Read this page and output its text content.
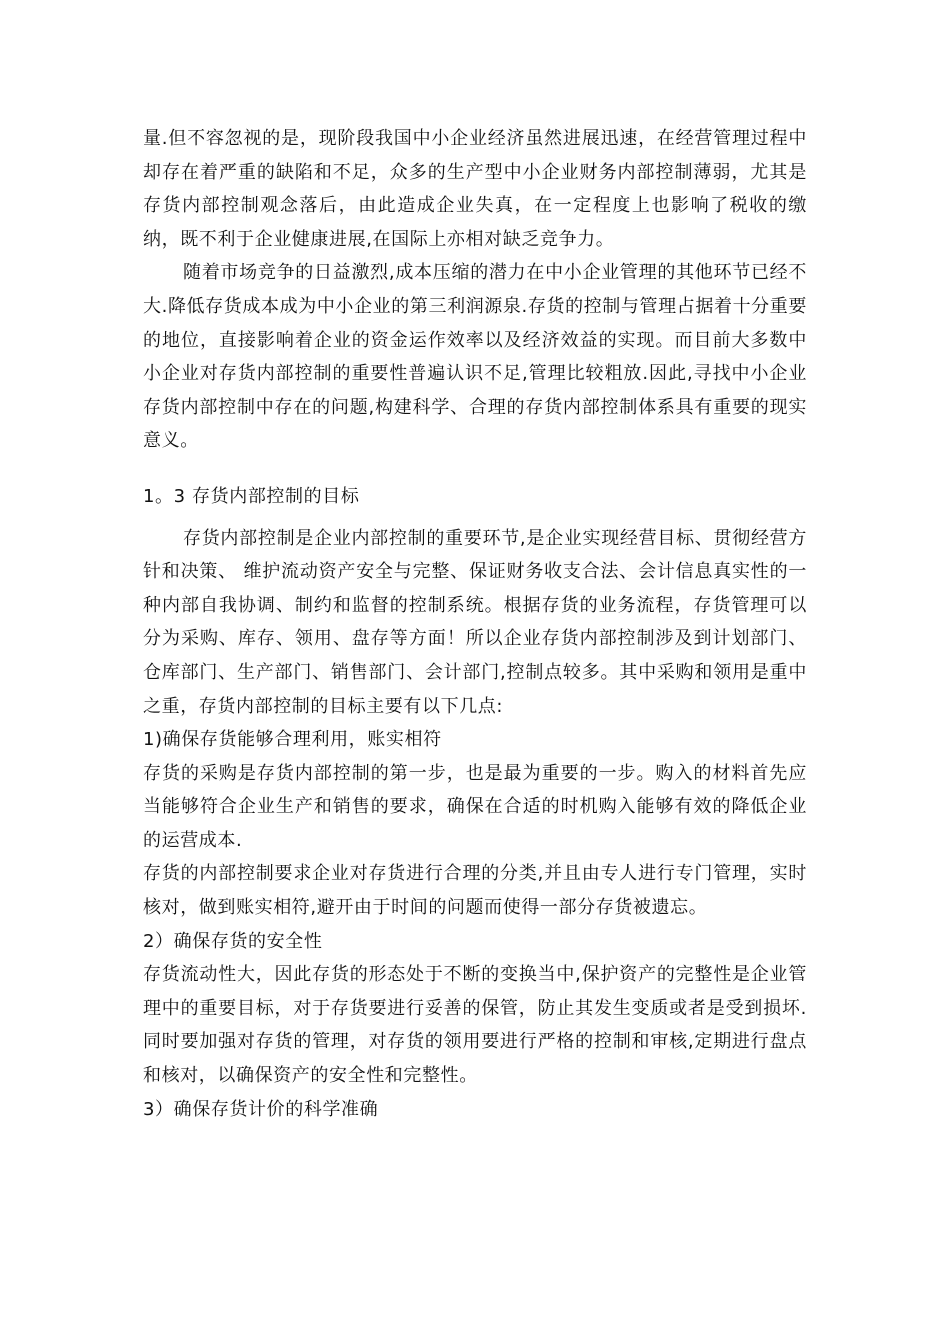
量.但不容忽视的是，现阶段我国中小企业经济虽然进展迅速，在经营管理过程中却存在着严重的缺陷和不足，众多的生产型中小企业财务内部控制薄弱，尤其是存货内部控制观念落后，由此造成企业失真，在一定程度上也影响了税收的缴纳，既不利于企业健康进展,在国际上亦相对缺乏竞争力。

随着市场竞争的日益激烈,成本压缩的潜力在中小企业管理的其他环节已经不大.降低存货成本成为中小企业的第三利润源泉.存货的控制与管理占据着十分重要的地位，直接影响着企业的资金运作效率以及经济效益的实现。而目前大多数中小企业对存货内部控制的重要性普遍认识不足,管理比较粗放.因此,寻找中小企业存货内部控制中存在的问题,构建科学、合理的存货内部控制体系具有重要的现实意义。

1。3 存货内部控制的目标

存货内部控制是企业内部控制的重要环节,是企业实现经营目标、贯彻经营方针和决策、 维护流动资产安全与完整、保证财务收支合法、会计信息真实性的一种内部自我协调、制约和监督的控制系统。根据存货的业务流程，存货管理可以分为采购、库存、领用、盘存等方面！所以企业存货内部控制涉及到计划部门、仓库部门、生产部门、销售部门、会计部门,控制点较多。其中采购和领用是重中之重，存货内部控制的目标主要有以下几点:

1)确保存货能够合理利用，账实相符

存货的采购是存货内部控制的第一步，也是最为重要的一步。购入的材料首先应当能够符合企业生产和销售的要求，确保在合适的时机购入能够有效的降低企业的运营成本.

存货的内部控制要求企业对存货进行合理的分类,并且由专人进行专门管理，实时核对，做到账实相符,避开由于时间的问题而使得一部分存货被遗忘。

2）确保存货的安全性

存货流动性大，因此存货的形态处于不断的变换当中,保护资产的完整性是企业管理中的重要目标，对于存货要进行妥善的保管，防止其发生变质或者是受到损坏.同时要加强对存货的管理，对存货的领用要进行严格的控制和审核,定期进行盘点和核对，以确保资产的安全性和完整性。

3）确保存货计价的科学准确
